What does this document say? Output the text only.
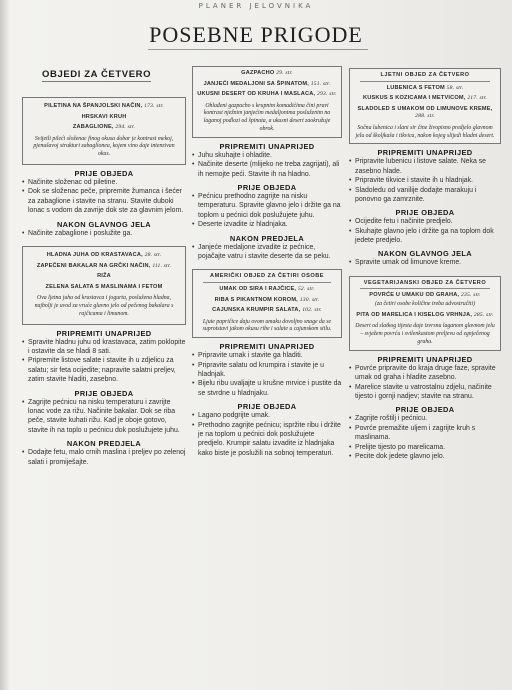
PLANER JELOVNIKA
POSEBNE PRIGODE
OBJEDI ZA ČETVERO
PILETINA NA ŠPANJOLSKI NAČIN, 173. str.
HRSKAVI KRUH
ZABAGLIONE, 294. str.
Svijetli pileći složenac finog okusa dobar je kontrast mekoj, pjenušavoj strukturi zabaglionea, kojem vino daje intenzivan okus.
PRIJE OBJEDA
• Načinite složenac od piletine.
• Dok se složenac peče, pripremite žumanca i šećer za zabaglione i stavite na stranu. Stavite duboki lonac s vodom da zavrije dok ste za glavnim jelom.
NAKON GLAVNOG JELA
• Načinite zabaglione i poslužite ga.
HLADNA JUHA OD KRASTAVACA, 28. str.
ZAPEČENI BAKALAR NA GRČKI NAČIN, 111. str.
RIŽA
ZELENA SALATA S MASLINAMA I FETOM
Ova ljetna juha od krastavca i jogurta, poslužena hladna, najbolji je uvod za vruće glavno jelo od pečenog bakalara s rajčicama i limunom.
PRIPREMITI UNAPRIJED
• Spravite hladnu juhu od krastavaca, zatim poklopite i ostavite da se hladi 8 sati.
• Pripremite listove salate i stavite ih u zdjelicu za salatu; sir feta ocijedite; napravite salatni preljev, zatim stavite hladiti, zasebno.
PRIJE OBJEDA
• Zagrijte pećnicu na nisku temperaturu i zavrijte lonac vode za rižu. Načinite bakalar. Dok se riba peče, stavite kuhati rižu. Kad je oboje gotovo, stavite ih na toplo u pećnicu dok poslužujete juhu.
NAKON PREDJELA
• Dodajte fetu, malo crnih maslina i preljev po zelenoj salati i promiješajte.
GAZPACHO 29. str.
JANJEĆI MEDALJONI SA ŠPINATOM, 151. str.
UKUSNI DESERT OD KRUHA I MASLACA, 293. str.
Ohlađeni gazpacho s krupnim komadićima čini pravi kontrast nježnim janjećim medaljonima posluženim na laganoj podlozi od špinata, a ukusni desert zaokružuje obrok.
PRIPREMITI UNAPRIJED
• Juhu skuhajte i ohladite.
• Načinite deserte (mlijeko ne treba zagrijati), ali ih nemojte peći. Stavite ih na hladno.
PRIJE OBJEDA
• Pećnicu prethodno zagrijte na nisku temperaturu. Spravite glavno jelo i držite ga na toplom u pećnici dok poslužujete juhu.
• Deserte izvadite iz hladnjaka.
NAKON PREDJELA
• Janjeće medaljone izvadite iz pećnice, pojačajte vatru i stavite deserte da se peku.
AMERIČKI OBJED ZA ČETIRI OSOBE
UMAK OD SIRA I RAJČICE, 52. str.
RIBA S PIKANTNOM KOROM, 130. str.
CAJUNSKA KRUMPIR SALATA, 102. str.
Ljute papričice daju ovom umaku dovoljno snage da se suprotstavi jakom okusu ribe i salate u cajunskom stilu.
PRIPREMITI UNAPRIJED
• Pripravite umak i stavite ga hladiti.
• Pripravite salatu od krumpira i stavite je u hladnjak.
• Bijelu ribu uvaljajte u krušne mrvice i pustite da se stvrdne u hladnjaku.
PRIJE OBJEDA
• Lagano podgrijte umak.
• Prethodno zagrijte pećnicu; ispržite ribu i držite je na toplom u pećnici dok poslužujete predjelo. Krumpir salatu izvadite iz hladnjaka kako biste je poslužili na sobnoj temperaturi.
LJETNI OBJED ZA ČETVERO
LUBENICA S FETOM 58. str.
KUSKUS S KOZICAMA I METVICOM, 217. str.
SLADOLED S UMAKOM OD LIMUNOVE KREME, 288. str.
Sočna lubenica i slani sir čine živopisno predjelo glavnom jelu od školjkaša i tikvica, nakon kojeg slijedi hladni desert.
PRIPREMITI UNAPRIJED
• Pripravite lubenicu i listove salate. Neka se zasebno hlade.
• Pripravite tikvice i stavite ih u hladnjak.
• Sladoledu od vanilije dodajte marakuju i ponovno ga zamrznite.
PRIJE OBJEDA
• Ocijedite fetu i načinite predjelo.
• Skuhajte glavno jelo i držite ga na toplom dok jedete predjelo.
NAKON GLAVNOG JELA
• Spravite umak od limunove kreme.
VEGETARIJANSKI OBJED ZA ČETVERO
POVRĆE U UMAKU OD GRAHA, 235. str.
(za četiri osobe količine treba udvostručiti)
PITA OD MARELICA I KISELOG VRHNJA, 285. str.
Desert od slatkog tijesta daje izvrsnu laganom glavnom jelu – svježem povrću i svilenkastom preljevu od zgnječenog graha.
PRIPREMITI UNAPRIJED
• Povrće pripravite do kraja druge faze, spravite umak od graha i hladite zasebno.
• Marelice stavite u vatrostalnu zdjelu, načinite tijesto i gornji nadjev; stavite na stranu.
PRIJE OBJEDA
• Zagrijte roštilj i pećnicu.
• Povrće premažite uljem i zagrijte kruh s maslinama.
• Prelijte tijesto po marelicama.
• Pecite dok jedete glavno jelo.
